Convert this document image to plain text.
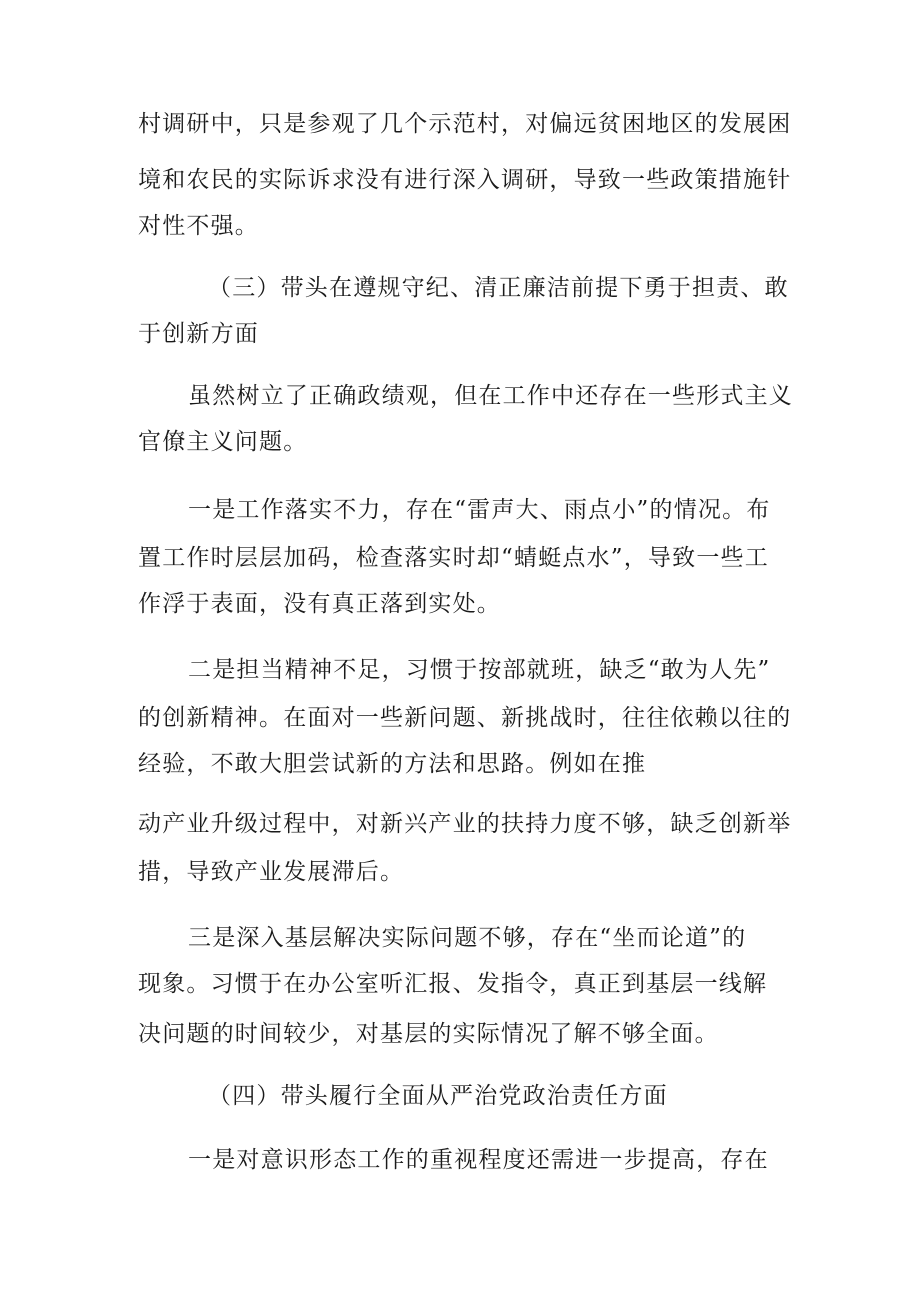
村调研中，只是参观了几个示范村，对偏远贫困地区的发展困
境和农民的实际诉求没有进行深入调研，导致一些政策措施针
对性不强。
（三）带头在遵规守纪、清正廉洁前提下勇于担责、敢
于创新方面
虽然树立了正确政绩观，但在工作中还存在一些形式主义
官僚主义问题。
一是工作落实不力，存在“雷声大、雨点小”的情况。布
置工作时层层加码，检查落实时却“蜻蜓点水”，导致一些工
作浮于表面，没有真正落到实处。
二是担当精神不足，习惯于按部就班，缺乏“敢为人先”
的创新精神。在面对一些新问题、新挑战时，往往依赖以往的
经验，不敢大胆尝试新的方法和思路。例如在推
动产业升级过程中，对新兴产业的扶持力度不够，缺乏创新举
措，导致产业发展滞后。
三是深入基层解决实际问题不够，存在“坐而论道”的
现象。习惯于在办公室听汇报、发指令，真正到基层一线解
决问题的时间较少，对基层的实际情况了解不够全面。
（四）带头履行全面从严治党政治责任方面
一是对意识形态工作的重视程度还需进一步提高，存在
